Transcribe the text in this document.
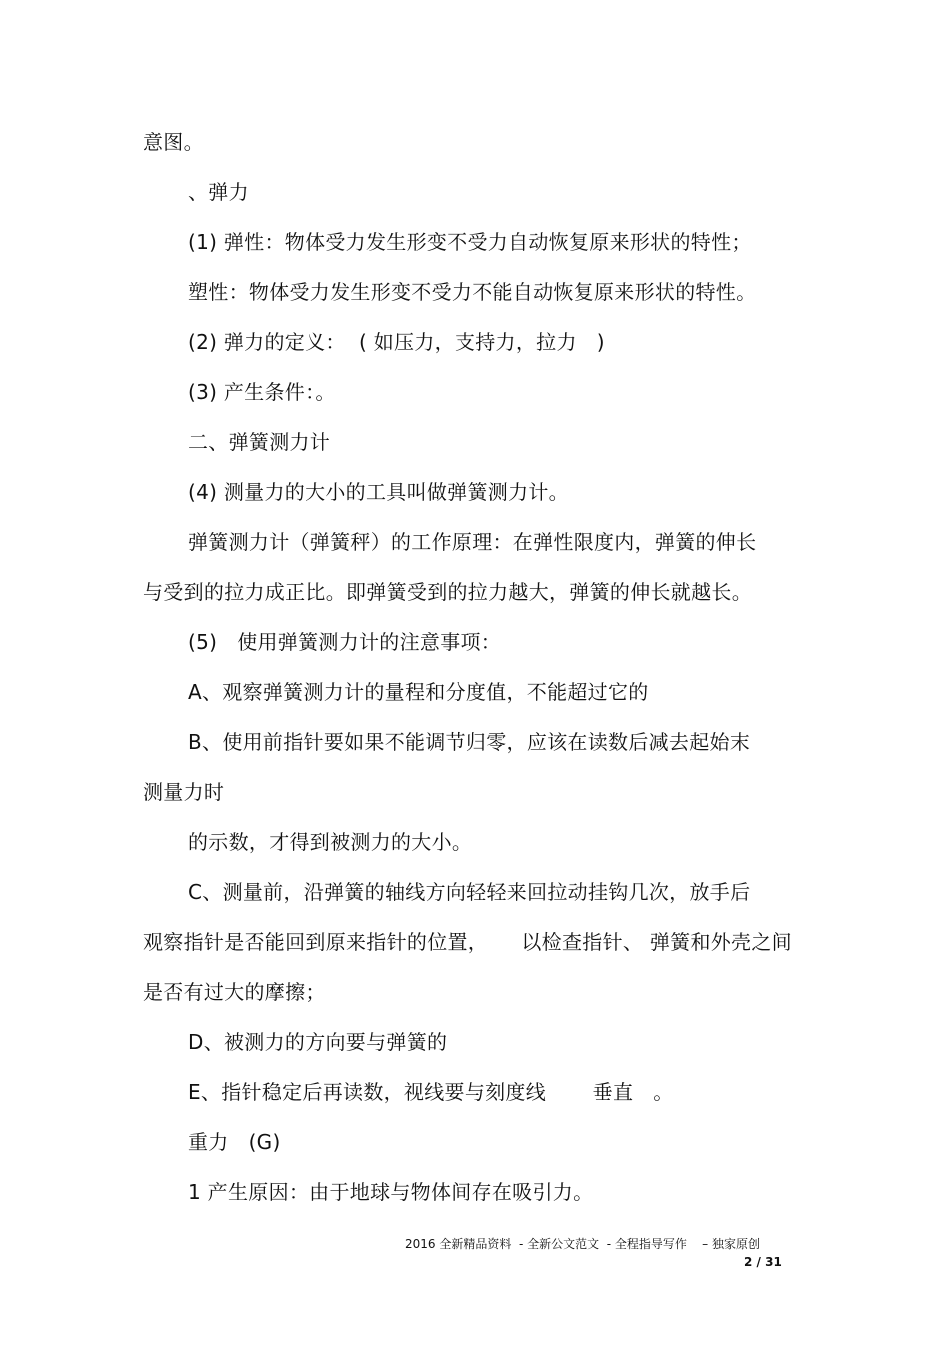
意图。
、弹力
(1) 弹性：物体受力发生形变不受力自动恢复原来形状的特性；
塑性：物体受力发生形变不受力不能自动恢复原来形状的特性。
(2) 弹力的定义：  ( 如压力，支持力，拉力   )
(3) 产生条件：。
二、弹簧测力计
(4) 测量力的大小的工具叫做弹簧测力计。
弹簧测力计（弹簧秤）的工作原理：在弹性限度内，弹簧的伸长
与受到的拉力成正比。即弹簧受到的拉力越大，弹簧的伸长就越长。
(5)   使用弹簧测力计的注意事项：
A、观察弹簧测力计的量程和分度值，不能超过它的
B、使用前指针要如果不能调节归零，应该在读数后减去起始末
测量力时
的示数，才得到被测力的大小。
C、测量前，沿弹簧的轴线方向轻轻来回拉动挂钩几次，放手后
观察指针是否能回到原来指针的位置，     以检查指针、 弹簧和外壳之间
是否有过大的摩擦；
D、被测力的方向要与弹簧的
E、指针稳定后再读数，视线要与刻度线       垂直   。
重力   (G)
1 产生原因：由于地球与物体间存在吸引力。
2016 全新精品资料  - 全新公文范文  - 全程指导写作    – 独家原创
2 / 31
